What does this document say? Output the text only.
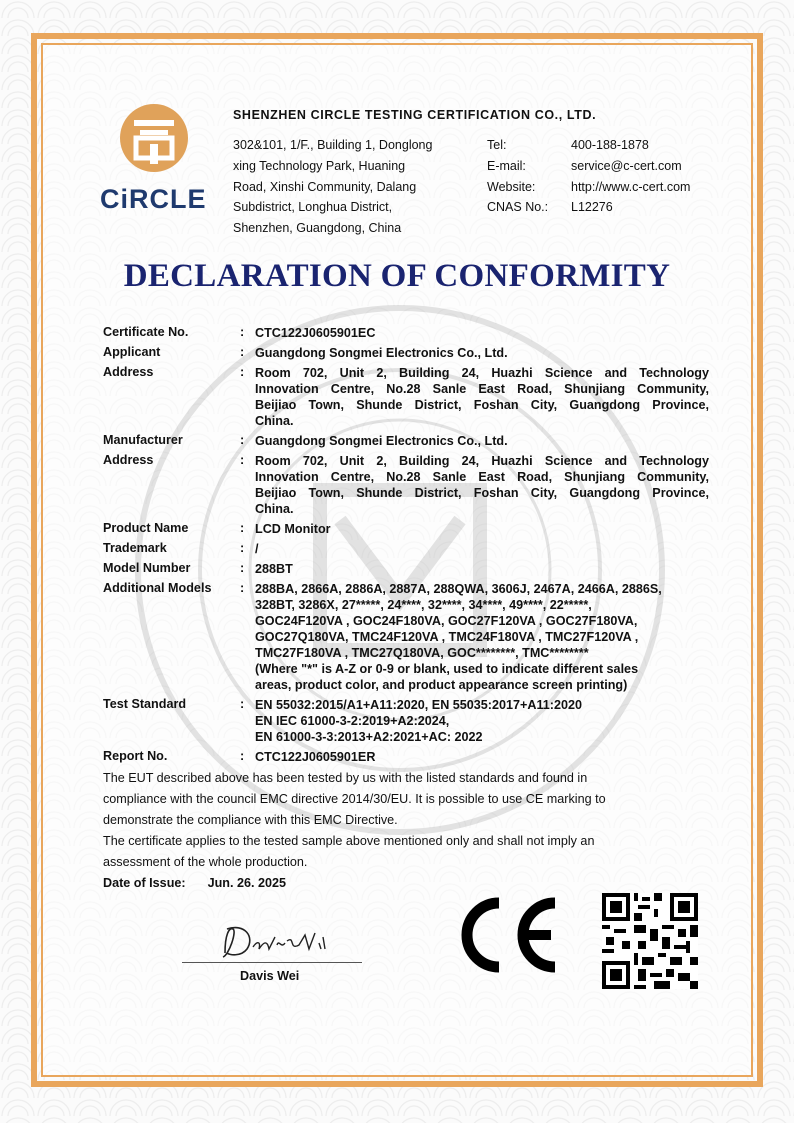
CiRCLE
SHENZHEN CIRCLE TESTING CERTIFICATION CO., LTD.
302&101, 1/F., Building 1, Donglong
xing Technology Park, Huaning
Road, Xinshi Community, Dalang
Subdistrict, Longhua District,
Shenzhen, Guangdong, China
Tel:	400-188-1878
E-mail:	service@c-cert.com
Website:	http://www.c-cert.com
CNAS No.:	L12276
DECLARATION OF CONFORMITY
Certificate No.	: CTC122J0605901EC
Applicant	: Guangdong Songmei Electronics Co., Ltd.
Address	: Room 702, Unit 2, Building 24, Huazhi Science and Technology
Innovation Centre, No.28 Sanle East Road, Shunjiang Community,
Beijiao Town, Shunde District, Foshan City, Guangdong Province,
China.
Manufacturer	: Guangdong Songmei Electronics Co., Ltd.
Address	: Room 702, Unit 2, Building 24, Huazhi Science and Technology
Innovation Centre, No.28 Sanle East Road, Shunjiang Community,
Beijiao Town, Shunde District, Foshan City, Guangdong Province,
China.
Product Name	: LCD Monitor
Trademark	: /
Model Number	: 288BT
Additional Models	: 288BA, 2866A, 2886A, 2887A, 288QWA, 3606J, 2467A, 2466A, 2886S,
328BT, 3286X, 27*****, 24****, 32****, 34****, 49****, 22*****,
GOC24F120VA , GOC24F180VA, GOC27F120VA , GOC27F180VA,
GOC27Q180VA, TMC24F120VA , TMC24F180VA , TMC27F120VA ,
TMC27F180VA , TMC27Q180VA, GOC********, TMC********
(Where "*" is A-Z or 0-9 or blank, used to indicate different sales
areas, product color, and product appearance screen printing)
Test Standard	: EN 55032:2015/A1+A11:2020, EN 55035:2017+A11:2020
EN IEC 61000-3-2:2019+A2:2024,
EN 61000-3-3:2013+A2:2021+AC: 2022
Report No.	: CTC122J0605901ER
The EUT described above has been tested by us with the listed standards and found in
compliance with the council EMC directive 2014/30/EU. It is possible to use CE marking to
demonstrate the compliance with this EMC Directive.
The certificate applies to the tested sample above mentioned only and shall not imply an
assessment of the whole production.
Date of Issue: Jun. 26. 2025
Davis Wei
